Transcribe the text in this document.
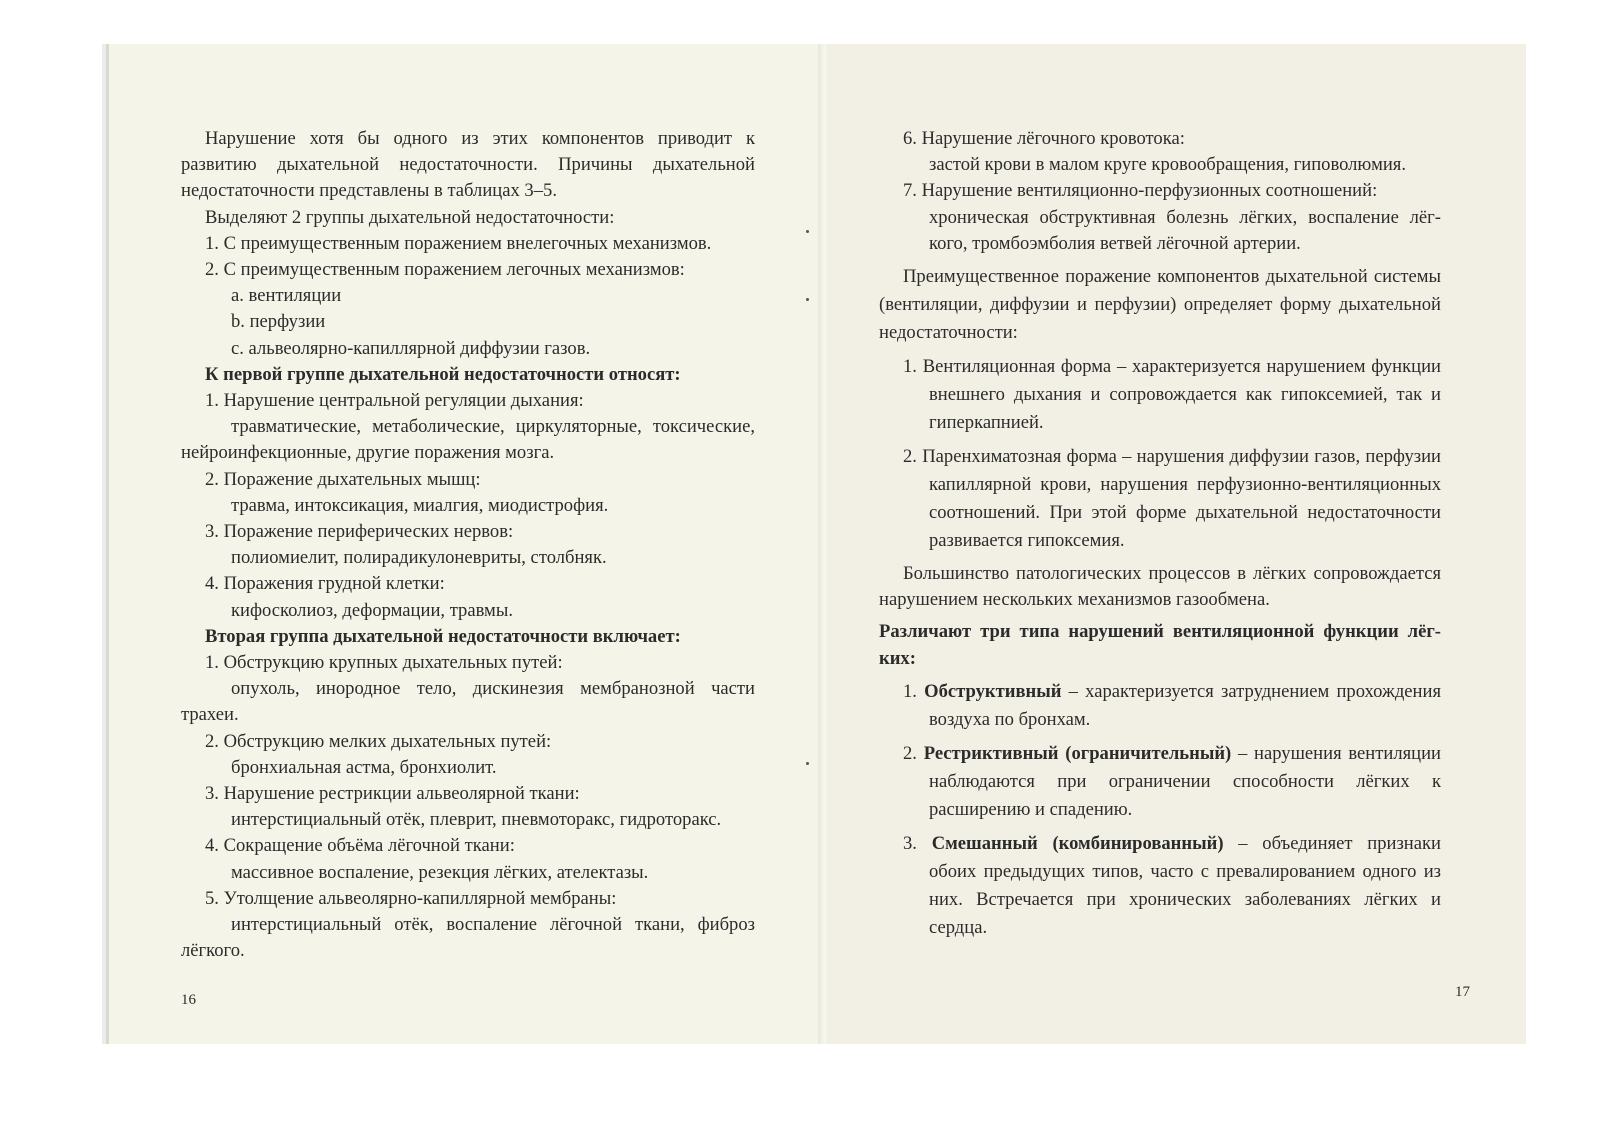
Нарушение хотя бы одного из этих компонентов приводит к развитию дыхательной недостаточности. Причины дыхательной недостаточности представлены в таблицах 3–5.

Выделяют 2 группы дыхательной недостаточности:

1. С преимущественным поражением внелегочных механизмов.

2. С преимущественным поражением легочных механизмов:

a. вентиляции

b. перфузии

c. альвеолярно-капиллярной диффузии газов.

К первой группе дыхательной недостаточности относят:

1. Нарушение центральной регуляции дыхания:

травматические, метаболические, циркуляторные, токсические, нейроинфекционные, другие поражения мозга.

2. Поражение дыхательных мышц:

травма, интоксикация, миалгия, миодистрофия.

3. Поражение периферических нервов:

полиомиелит, полирадикулоневриты, столбняк.

4. Поражения грудной клетки:

кифосколиоз, деформации, травмы.

Вторая группа дыхательной недостаточности включает:

1. Обструкцию крупных дыхательных путей:

опухоль, инородное тело, дискинезия мембранозной части трахеи.

2. Обструкцию мелких дыхательных путей:

бронхиальная астма, бронхиолит.

3. Нарушение рестрикции альвеолярной ткани:

интерстициальный отёк, плеврит, пневмоторакс, гидроторакс.

4. Сокращение объёма лёгочной ткани:

массивное воспаление, резекция лёгких, ателектазы.

5. Утолщение альвеолярно-капиллярной мембраны:

интерстициальный отёк, воспаление лёгочной ткани, фиброз лёгкого.

16

6. Нарушение лёгочного кровотока:

застой крови в малом круге кровообращения, гиповолюмия.

7. Нарушение вентиляционно-перфузионных соотношений:

хроническая обструктивная болезнь лёгких, воспаление лёгкого, тромбоэмболия ветвей лёгочной артерии.

Преимущественное поражение компонентов дыхательной системы (вентиляции, диффузии и перфузии) определяет форму дыхательной недостаточности:

1. Вентиляционная форма – характеризуется нарушением функции внешнего дыхания и сопровождается как гипоксемией, так и гиперкапнией.

2. Паренхиматозная форма – нарушения диффузии газов, перфузии капиллярной крови, нарушения перфузионно-вентиляционных соотношений. При этой форме дыхательной недостаточности развивается гипоксемия.

Большинство патологических процессов в лёгких сопровождается нарушением нескольких механизмов газообмена.

Различают три типа нарушений вентиляционной функции лёгких:

1. Обструктивный – характеризуется затруднением прохождения воздуха по бронхам.

2. Рестриктивный (ограничительный) – нарушения вентиляции наблюдаются при ограничении способности лёгких к расширению и спадению.

3. Смешанный (комбинированный) – объединяет признаки обоих предыдущих типов, часто с превалированием одного из них. Встречается при хронических заболеваниях лёгких и сердца.

17
